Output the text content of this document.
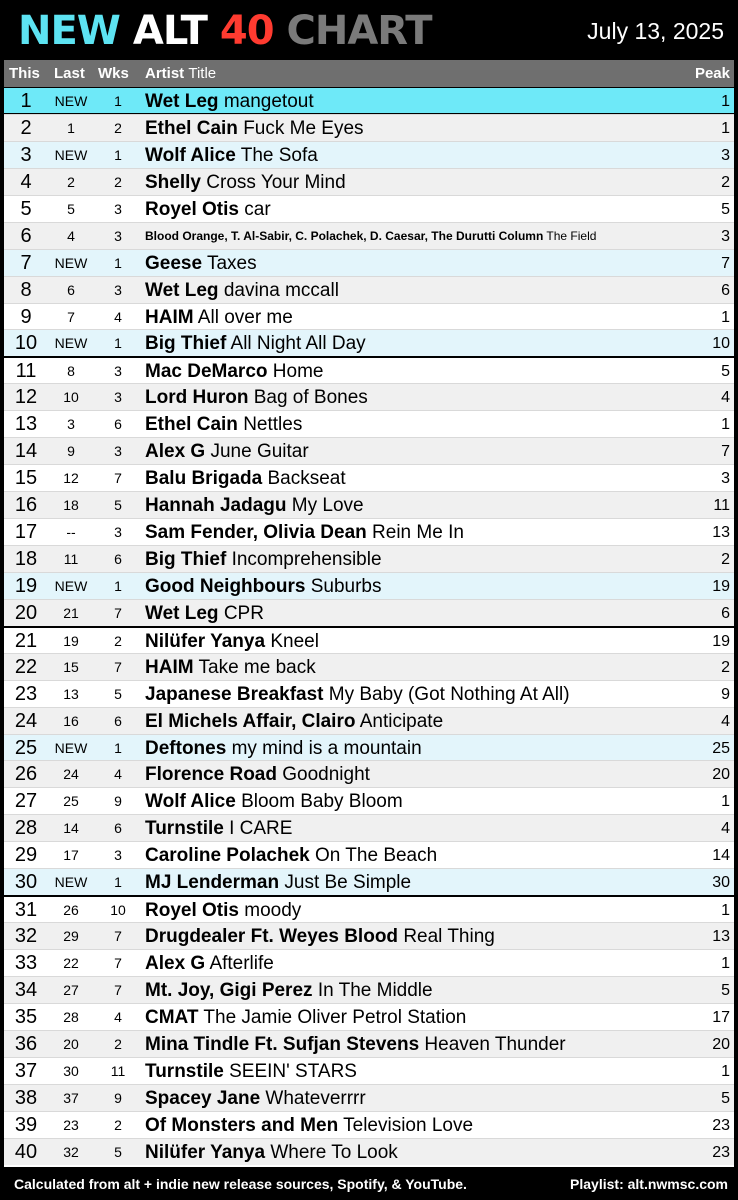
NEW ALT 40 CHART	July 13, 2025
This Last Wks Artist Title	Peak
1	NEW	1	Wet Leg mangetout	1
2	1	2	Ethel Cain Fuck Me Eyes	1
3	NEW	1	Wolf Alice The Sofa	3
4	2	2	Shelly Cross Your Mind	2
5	5	3	Royel Otis car	5
6	4	3	Blood Orange, T. Al-Sabir, C. Polachek, D. Caesar, The Durutti Column The Field	3
7	NEW	1	Geese Taxes	7
8	6	3	Wet Leg davina mccall	6
9	7	4	HAIM All over me	1
10	NEW	1	Big Thief All Night All Day	10
11	8	3	Mac DeMarco Home	5
12	10	3	Lord Huron Bag of Bones	4
13	3	6	Ethel Cain Nettles	1
14	9	3	Alex G June Guitar	7
15	12	7	Balu Brigada Backseat	3
16	18	5	Hannah Jadagu My Love	11
17	--	3	Sam Fender, Olivia Dean Rein Me In	13
18	11	6	Big Thief Incomprehensible	2
19	NEW	1	Good Neighbours Suburbs	19
20	21	7	Wet Leg CPR	6
21	19	2	Nilüfer Yanya Kneel	19
22	15	7	HAIM Take me back	2
23	13	5	Japanese Breakfast My Baby (Got Nothing At All)	9
24	16	6	El Michels Affair, Clairo Anticipate	4
25	NEW	1	Deftones my mind is a mountain	25
26	24	4	Florence Road Goodnight	20
27	25	9	Wolf Alice Bloom Baby Bloom	1
28	14	6	Turnstile I CARE	4
29	17	3	Caroline Polachek On The Beach	14
30	NEW	1	MJ Lenderman Just Be Simple	30
31	26	10	Royel Otis moody	1
32	29	7	Drugdealer Ft. Weyes Blood Real Thing	13
33	22	7	Alex G Afterlife	1
34	27	7	Mt. Joy, Gigi Perez In The Middle	5
35	28	4	CMAT The Jamie Oliver Petrol Station	17
36	20	2	Mina Tindle Ft. Sufjan Stevens Heaven Thunder	20
37	30	11	Turnstile SEEIN' STARS	1
38	37	9	Spacey Jane Whateverrrr	5
39	23	2	Of Monsters and Men Television Love	23
40	32	5	Nilüfer Yanya Where To Look	23
Calculated from alt + indie new release sources, Spotify, & YouTube.	Playlist: alt.nwmsc.com
